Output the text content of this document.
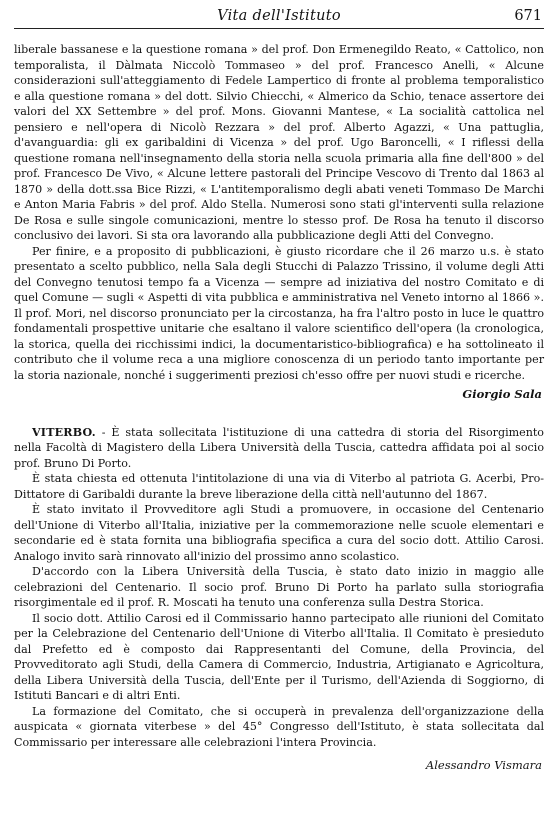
Vita dell'Istituto	671

liberale bassanese e la questione romana » del prof. Don Ermenegildo Reato, « Cattolico, non temporalista, il Dàlmata Niccolò Tommaseo » del prof. Francesco Anelli, « Alcune considerazioni sull'atteggiamento di Fedele Lampertico di fronte al problema temporalistico e alla questione romana » del dott. Silvio Chiecchi, « Almerico da Schio, tenace assertore dei valori del XX Settembre » del prof. Mons. Giovanni Mantese, « La socialità cattolica nel pensiero e nell'opera di Nicolò Rezzara » del prof. Alberto Agazzi, « Una pattuglia, d'avanguardia: gli ex garibaldini di Vicenza » del prof. Ugo Baroncelli, « I riflessi della questione romana nell'insegnamento della storia nella scuola primaria alla fine dell'800 » del prof. Francesco De Vivo, « Alcune lettere pastorali del Principe Vescovo di Trento dal 1863 al 1870 » della dott.ssa Bice Rizzi, « L'antitemporalismo degli abati veneti Tommaso De Marchi e Anton Maria Fabris » del prof. Aldo Stella. Numerosi sono stati gl'interventi sulla relazione De Rosa e sulle singole comunicazioni, mentre lo stesso prof. De Rosa ha tenuto il discorso conclusivo dei lavori. Si sta ora lavorando alla pubblicazione degli Atti del Convegno.

Per finire, e a proposito di pubblicazioni, è giusto ricordare che il 26 marzo u.s. è stato presentato a scelto pubblico, nella Sala degli Stucchi di Palazzo Trissino, il volume degli Atti del Convegno tenutosi tempo fa a Vicenza — sempre ad iniziativa del nostro Comitato e di quel Comune — sugli « Aspetti di vita pubblica e amministrativa nel Veneto intorno al 1866 ». Il prof. Mori, nel discorso pronunciato per la circostanza, ha fra l'altro posto in luce le quattro fondamentali prospettive unitarie che esaltano il valore scientifico dell'opera (la cronologica, la storica, quella dei ricchissimi indici, la documentaristico-bibliografica) e ha sottolineato il contributo che il volume reca a una migliore conoscenza di un periodo tanto importante per la storia nazionale, nonché i suggerimenti preziosi ch'esso offre per nuovi studi e ricerche.

Giorgio Sala

VITERBO. - È stata sollecitata l'istituzione di una cattedra di storia del Risorgimento nella Facoltà di Magistero della Libera Università della Tuscia, cattedra affidata poi al socio prof. Bruno Di Porto.

È stata chiesta ed ottenuta l'intitolazione di una via di Viterbo al patriota G. Acerbi, Pro-Dittatore di Garibaldi durante la breve liberazione della città nell'autunno del 1867.

È stato invitato il Provveditore agli Studi a promuovere, in occasione del Centenario dell'Unione di Viterbo all'Italia, iniziative per la commemorazione nelle scuole elementari e secondarie ed è stata fornita una bibliografia specifica a cura del socio dott. Attilio Carosi. Analogo invito sarà rinnovato all'inizio del prossimo anno scolastico.

D'accordo con la Libera Università della Tuscia, è stato dato inizio in maggio alle celebrazioni del Centenario. Il socio prof. Bruno Di Porto ha parlato sulla storiografia risorgimentale ed il prof. R. Moscati ha tenuto una conferenza sulla Destra Storica.

Il socio dott. Attilio Carosi ed il Commissario hanno partecipato alle riunioni del Comitato per la Celebrazione del Centenario dell'Unione di Viterbo all'Italia. Il Comitato è presieduto dal Prefetto ed è composto dai Rappresentanti del Comune, della Provincia, del Provveditorato agli Studi, della Camera di Commercio, Industria, Artigianato e Agricoltura, della Libera Università della Tuscia, dell'Ente per il Turismo, dell'Azienda di Soggiorno, di Istituti Bancari e di altri Enti.

La formazione del Comitato, che si occuperà in prevalenza dell'organizzazione della auspicata « giornata viterbese » del 45° Congresso dell'Istituto, è stata sollecitata dal Commissario per interessare alle celebrazioni l'intera Provincia.

Alessandro Vismara
